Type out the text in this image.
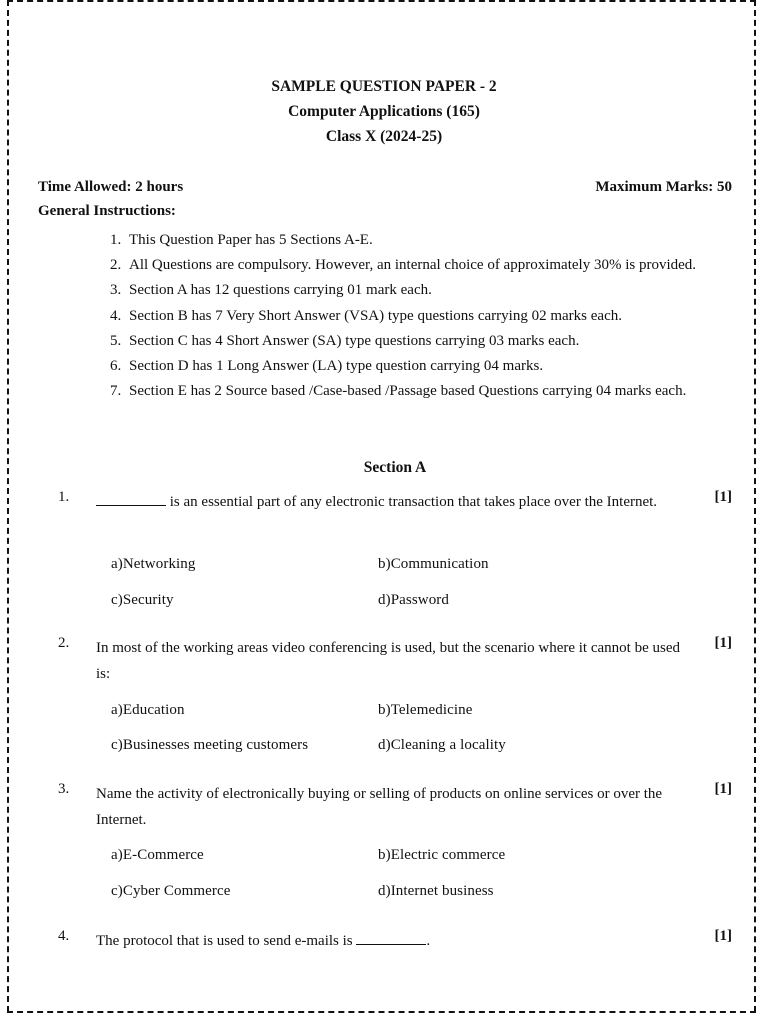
SAMPLE QUESTION PAPER - 2
Computer Applications (165)
Class X (2024-25)
Time Allowed: 2 hours	Maximum Marks: 50
General Instructions:
1. This Question Paper has 5 Sections A-E.
2. All Questions are compulsory. However, an internal choice of approximately 30% is provided.
3. Section A has 12 questions carrying 01 mark each.
4. Section B has 7 Very Short Answer (VSA) type questions carrying 02 marks each.
5. Section C has 4 Short Answer (SA) type questions carrying 03 marks each.
6. Section D has 1 Long Answer (LA) type question carrying 04 marks.
7. Section E has 2 Source based /Case-based /Passage based Questions carrying 04 marks each.
Section A
1.	is an essential part of any electronic transaction that takes place over the Internet.	[1]
a)Networking	b)Communication
c)Security	d)Password
2. In most of the working areas video conferencing is used, but the scenario where it cannot be used is:
[1]
a)Education	b)Telemedicine
c)Businesses meeting customers	d)Cleaning a locality
3. Name the activity of electronically buying or selling of products on online services or over the Internet.
[1]
a)E-Commerce	b)Electric commerce
c)Cyber Commerce	d)Internet business
4. The protocol that is used to send e-mails is	.	[1]
